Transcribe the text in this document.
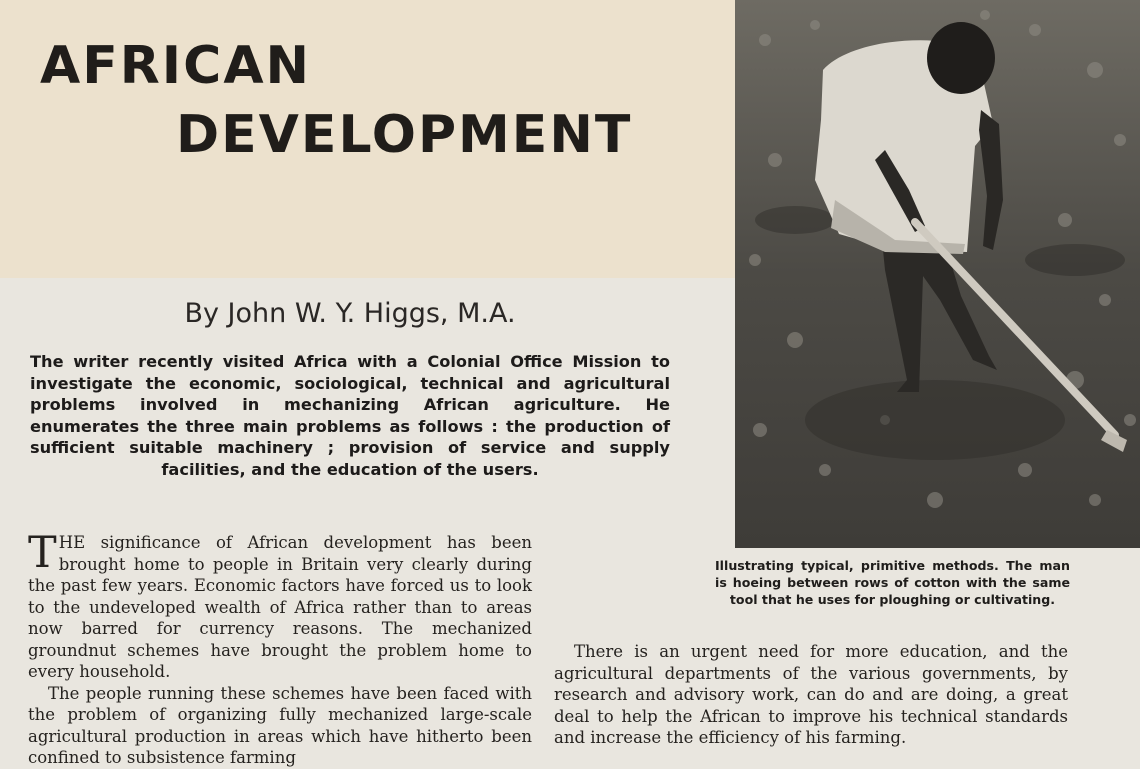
AFRICAN
DEVELOPMENT
By John W. Y. Higgs, M.A.

The writer recently visited Africa with a Colonial Office Mission to investigate the economic, sociological, technical and agricultural problems involved in mechanizing African agriculture. He enumerates the three main problems as follows : the production of sufficient suitable machinery ; provision of service and supply facilities, and the education of the users.

THE significance of African development has been brought home to people in Britain very clearly during the past few years. Economic factors have forced us to look to the undeveloped wealth of Africa rather than to areas now barred for currency reasons. The mechanized groundnut schemes have brought the problem home to every household.

The people running these schemes have been faced with the problem of organizing fully mechanized large-scale agricultural production in areas which have hitherto been confined to subsistence farming

There is an urgent need for more education, and the agricultural departments of the various governments, by research and advisory work, can do and are doing, a great deal to help the African to improve his technical standards and increase the efficiency of his farming.

Illustrating typical, primitive methods. The man is hoeing between rows of cotton with the same tool that he uses for ploughing or cultivating.
